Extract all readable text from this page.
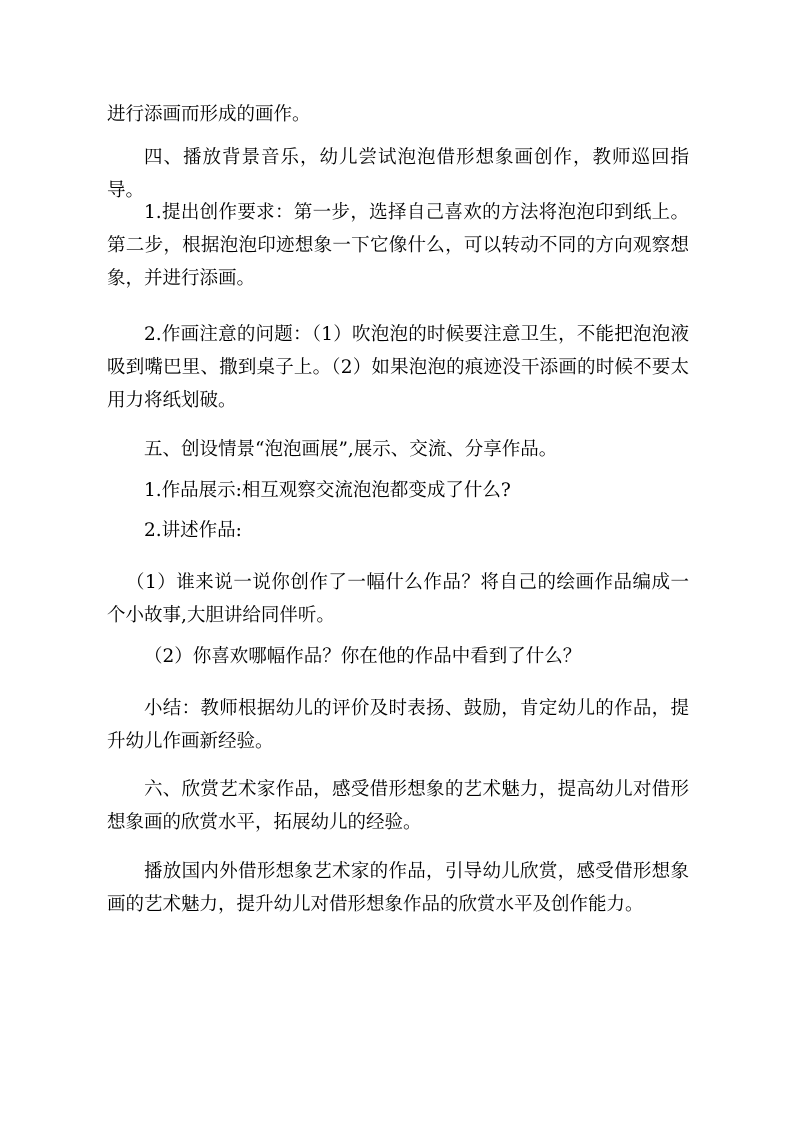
进行添画而形成的画作。

四、播放背景音乐，幼儿尝试泡泡借形想象画创作，教师巡回指导。

1.提出创作要求：第一步，选择自己喜欢的方法将泡泡印到纸上。第二步，根据泡泡印迹想象一下它像什么，可以转动不同的方向观察想象，并进行添画。

2.作画注意的问题：（1）吹泡泡的时候要注意卫生，不能把泡泡液吸到嘴巴里、撒到桌子上。（2）如果泡泡的痕迹没干添画的时候不要太用力将纸划破。

五、创设情景“泡泡画展”,展示、交流、分享作品。

1.作品展示:相互观察交流泡泡都变成了什么?

2.讲述作品:

（1）谁来说一说你创作了一幅什么作品？将自己的绘画作品编成一个小故事,大胆讲给同伴听。

（2）你喜欢哪幅作品？你在他的作品中看到了什么？

小结：教师根据幼儿的评价及时表扬、鼓励，肯定幼儿的作品，提升幼儿作画新经验。

六、欣赏艺术家作品，感受借形想象的艺术魅力，提高幼儿对借形想象画的欣赏水平，拓展幼儿的经验。

播放国内外借形想象艺术家的作品，引导幼儿欣赏，感受借形想象画的艺术魅力，提升幼儿对借形想象作品的欣赏水平及创作能力。
